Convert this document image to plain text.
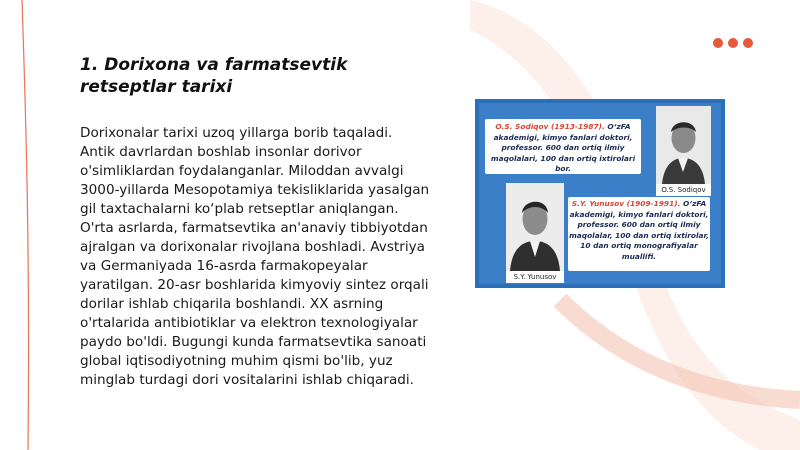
1. Dorixona va farmatsevtik retseptlar tarixi

Dorixonalar tarixi uzoq yillarga borib taqaladi. Antik davrlardan boshlab insonlar dorivor o'simliklardan foydalanganlar. Miloddan avvalgi 3000-yillarda Mesopotamiya tekisliklarida yasalgan gil taxtachalarni ko‘plab retseptlar aniqlangan. O'rta asrlarda, farmatsevtika an'anaviy tibbiyotdan ajralgan va dorixonalar rivojlana boshladi. Avstriya va Germaniyada 16-asrda farmakopeyalar yaratilgan. 20-asr boshlarida kimyoviy sintez orqali dorilar ishlab chiqarila boshlandi. XX asrning o'rtalarida antibiotiklar va elektron texnologiyalar paydo bo'ldi. Bugungi kunda farmatsevtika sanoati global iqtisodiyotning muhim qismi bo'lib, yuz minglab turdagi dori vositalarini ishlab chiqaradi.

O.S. Sodiqov (1913-1987). O‘zFA akademigi, kimyo fanlari doktori, professor. 600 dan ortiq ilmiy maqolalari, 100 dan ortiq ixtirolari bor.
O.S. Sodiqov
S.Y. Yunusov
S.Y. Yunusov (1909-1991). O‘zFA akademigi, kimyo fanlari doktori, professor. 600 dan ortiq ilmiy maqolalar, 100 dan ortiq ixtirolar, 10 dan ortiq monografiyalar muallifi.
